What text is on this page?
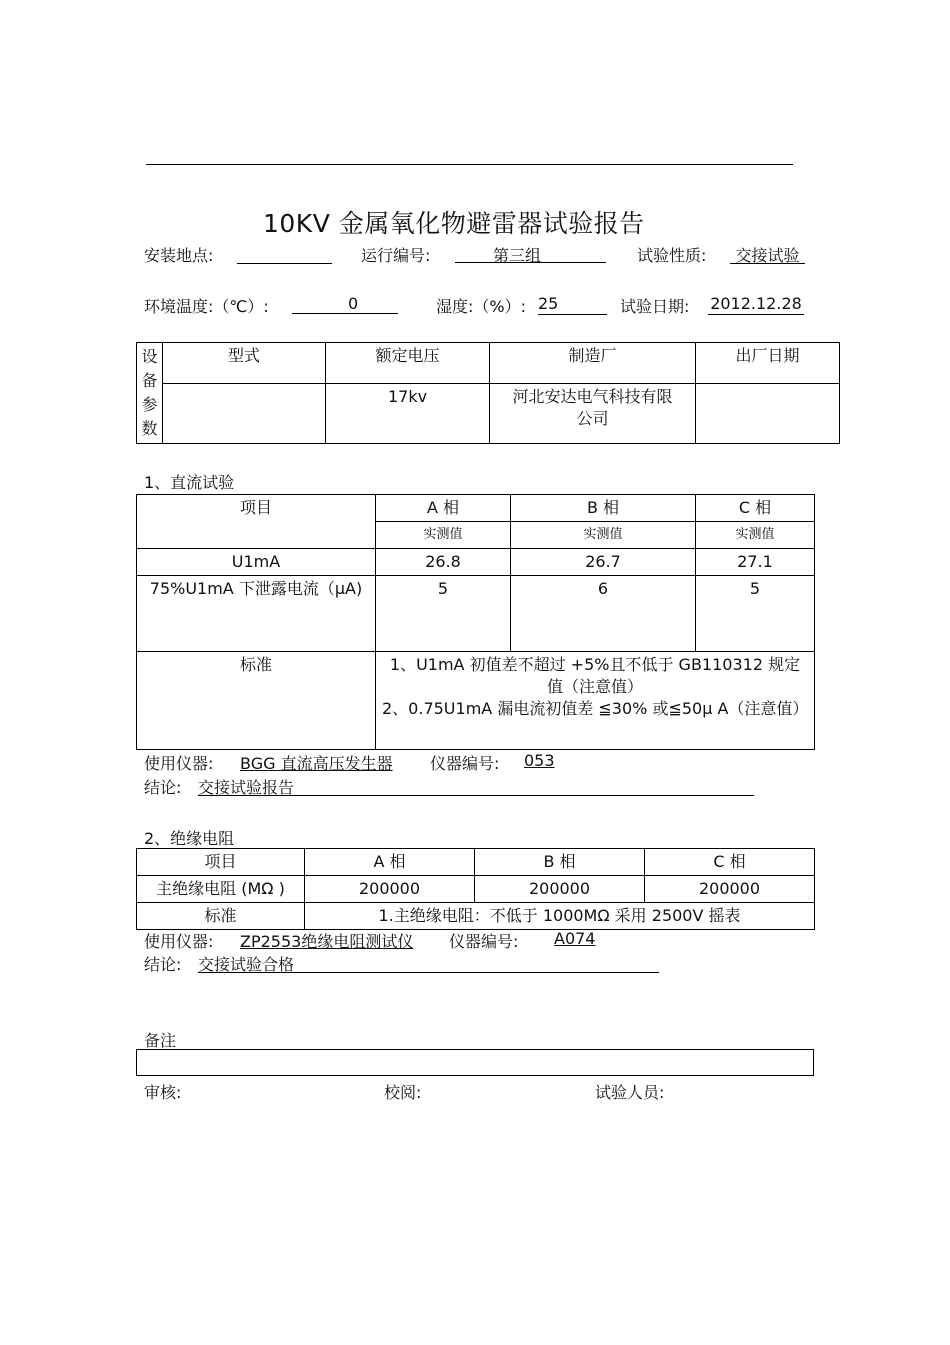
10KV 金属氧化物避雷器试验报告
安装地点:	运行编号:	第三组	试验性质:	交接试验
环境温度:（℃）:	0	湿度:（%）: 25	试验日期: 2012.12.28
设
备
参
数	型式	额定电压	制造厂	出厂日期
		17kv	河北安达电气科技有限公司	
1、直流试验
项目	A 相	B 相	C 相
	实测值	实测值	实测值
U1mA	26.8	26.7	27.1
75%U1mA 下泄露电流（μA)	5	6	5
标准	1、U1mA 初值差不超过 +5%且不低于 GB110312 规定值（注意值）
2、0.75U1mA 漏电流初值差 ≦30% 或≦50μ A（注意值）		
使用仪器: BGG 直流高压发生器 仪器编号: 053
结论: 交接试验报告
2、绝缘电阻
项目	A 相	B 相	C 相
主绝缘电阻 (MΩ )	200000	200000	200000
标准	1.主绝缘电阻：不低于 1000MΩ 采用 2500V 摇表		
使用仪器: ZP2553绝缘电阻测试仪 仪器编号: A074
结论: 交接试验合格
备注
审核:	校阅:	试验人员:
